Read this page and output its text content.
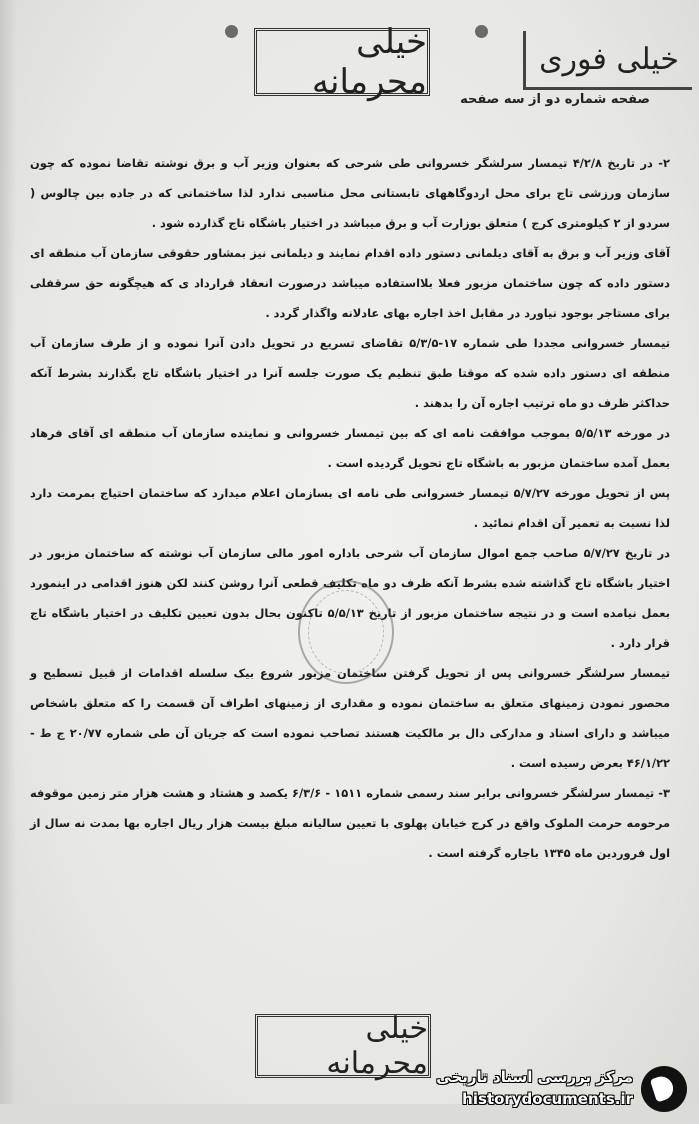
خیلی محرمانه
خیلی فوری
صفحه شماره دو از سه صفحه

۲- در تاریخ ۴/۲/۸ تیمسار سرلشگر خسروانی طی شرحی که بعنوان وزیر آب و برق نوشته تقاضا نموده که چون سازمان ورزشی تاج برای محل اردوگاههای تابستانی محل مناسبی ندارد لذا ساختمانی که در جاده بین چالوس ( سردو از ۲ کیلومتری کرج ) متعلق بوزارت آب و برق میباشد در اختیار باشگاه تاج گذارده شود .

آقای وزیر آب و برق به آقای دیلمانی دستور داده اقدام نمایند و دیلمانی نیز بمشاور حقوقی سازمان آب منطقه ای دستور داده که چون ساختمان مزبور فعلا بلااستفاده میباشد درصورت انعقاد قرارداد ی که هیچگونه حق سرقفلی برای مستاجر بوجود نیاورد در مقابل اخذ اجاره بهای عادلانه واگذار گردد .

تیمسار خسروانی مجددا طی شماره ۱۷-۵/۳/۵ تقاضای تسریع در تحویل دادن آنرا نموده و از طرف سازمان آب منطقه ای دستور داده شده که موقتا طبق تنظیم یک صورت جلسه آنرا در اختیار باشگاه تاج بگذارند بشرط آنکه حداکثر ظرف دو ماه ترتیب اجاره آن را بدهند .

در مورخه ۵/۵/۱۳ بموجب موافقت نامه ای که بین تیمسار خسروانی و نماینده سازمان آب منطقه ای آقای فرهاد بعمل آمده ساختمان مزبور به باشگاه تاج تحویل گردیده است .

پس از تحویل مورخه ۵/۷/۲۷ تیمسار خسروانی طی نامه ای بسازمان اعلام میدارد که ساختمان احتیاج بمرمت دارد لذا نسبت به تعمیر آن اقدام نمائید .

در تاریخ ۵/۷/۲۷ صاحب جمع اموال سازمان آب شرحی باداره امور مالی سازمان آب نوشته که ساختمان مزبور در اختیار باشگاه تاج گذاشته شده بشرط آنکه ظرف دو ماه تکلیف قطعی آنرا روشن کنند لکن هنوز اقدامی در اینمورد بعمل نیامده است و در نتیجه ساختمان مزبور از تاریخ ۵/۵/۱۳ تاکنون بحال بدون تعیین تکلیف در اختیار باشگاه تاج قرار دارد .

تیمسار سرلشگر خسروانی پس از تحویل گرفتن ساختمان مزبور شروع بیک سلسله اقدامات از قبیل تسطیح و محصور نمودن زمینهای متعلق به ساختمان نموده و مقداری از زمینهای اطراف آن قسمت را که متعلق باشخاص میباشد و دارای اسناد و مدارکی دال بر مالکیت هستند تصاحب نموده است که جریان آن طی شماره ۲۰/۷۷ ج ط - ۴۶/۱/۲۲ بعرض رسیده است .

۳- تیمسار سرلشگر خسروانی برابر سند رسمی شماره ۱۵۱۱ - ۶/۳/۶ یکصد و هشتاد و هشت هزار متر زمین موقوفه مرحومه حرمت الملوک واقع در کرج خیابان پهلوی با تعیین سالیانه مبلغ بیست هزار ریال اجاره بها بمدت نه سال از اول فروردین ماه ۱۳۴۵ باجاره گرفته است .

خیلی محرمانه مرکز بررسی اسناد تاریخی
historydocuments.ir
